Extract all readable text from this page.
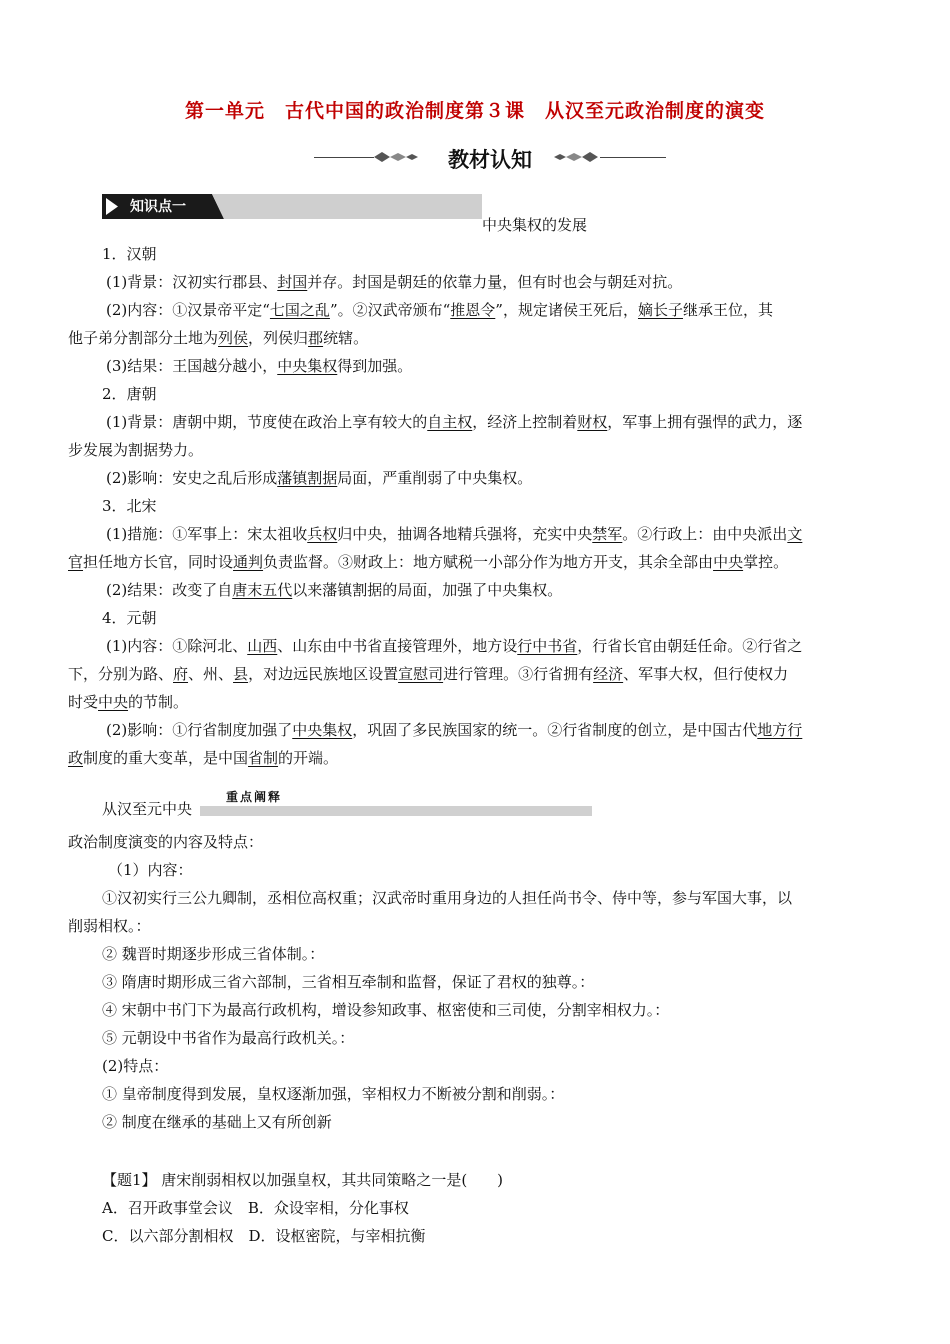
第一单元　古代中国的政治制度第３课　从汉至元政治制度的演变
教材认知
知识点一
中央集权的发展

1．汉朝

(1)背景：汉初实行郡县、封国并存。封国是朝廷的依靠力量，但有时也会与朝廷对抗。

(2)内容：①汉景帝平定“七国之乱”。②汉武帝颁布“推恩令”，规定诸侯王死后，嫡长子继承王位，其

他子弟分割部分土地为列侯，列侯归郡统辖。

(3)结果：王国越分越小，中央集权得到加强。

2．唐朝

(1)背景：唐朝中期，节度使在政治上享有较大的自主权，经济上控制着财权，军事上拥有强悍的武力，逐

步发展为割据势力。

(2)影响：安史之乱后形成藩镇割据局面，严重削弱了中央集权。

3．北宋

(1)措施：①军事上：宋太祖收兵权归中央，抽调各地精兵强将，充实中央禁军。②行政上：由中央派出文

官担任地方长官，同时设通判负责监督。③财政上：地方赋税一小部分作为地方开支，其余全部由中央掌控。

(2)结果：改变了自唐末五代以来藩镇割据的局面，加强了中央集权。

4．元朝

(1)内容：①除河北、山西、山东由中书省直接管理外，地方设行中书省，行省长官由朝廷任命。②行省之

下，分别为路、府、州、县，对边远民族地区设置宣慰司进行管理。③行省拥有经济、军事大权，但行使权力

时受中央的节制。

(2)影响：①行省制度加强了中央集权，巩固了多民族国家的统一。②行省制度的创立，是中国古代地方行

政制度的重大变革，是中国省制的开端。

重点阐释
从汉至元中央

政治制度演变的内容及特点：

（1）内容：

①汉初实行三公九卿制，丞相位高权重；汉武帝时重用身边的人担任尚书令、侍中等，参与军国大事，以

削弱相权。：

② 魏晋时期逐步形成三省体制。：

③ 隋唐时期形成三省六部制，三省相互牵制和监督，保证了君权的独尊。：

④ 宋朝中书门下为最高行政机构，增设参知政事、枢密使和三司使，分割宰相权力。：

⑤ 元朝设中书省作为最高行政机关。：

(2)特点：

① 皇帝制度得到发展，皇权逐渐加强，宰相权力不断被分割和削弱。：

② 制度在继承的基础上又有所创新

【题1】 唐宋削弱相权以加强皇权，其共同策略之一是(　　)

A．召开政事堂会议　B．众设宰相，分化事权

C．以六部分割相权　D．设枢密院，与宰相抗衡
